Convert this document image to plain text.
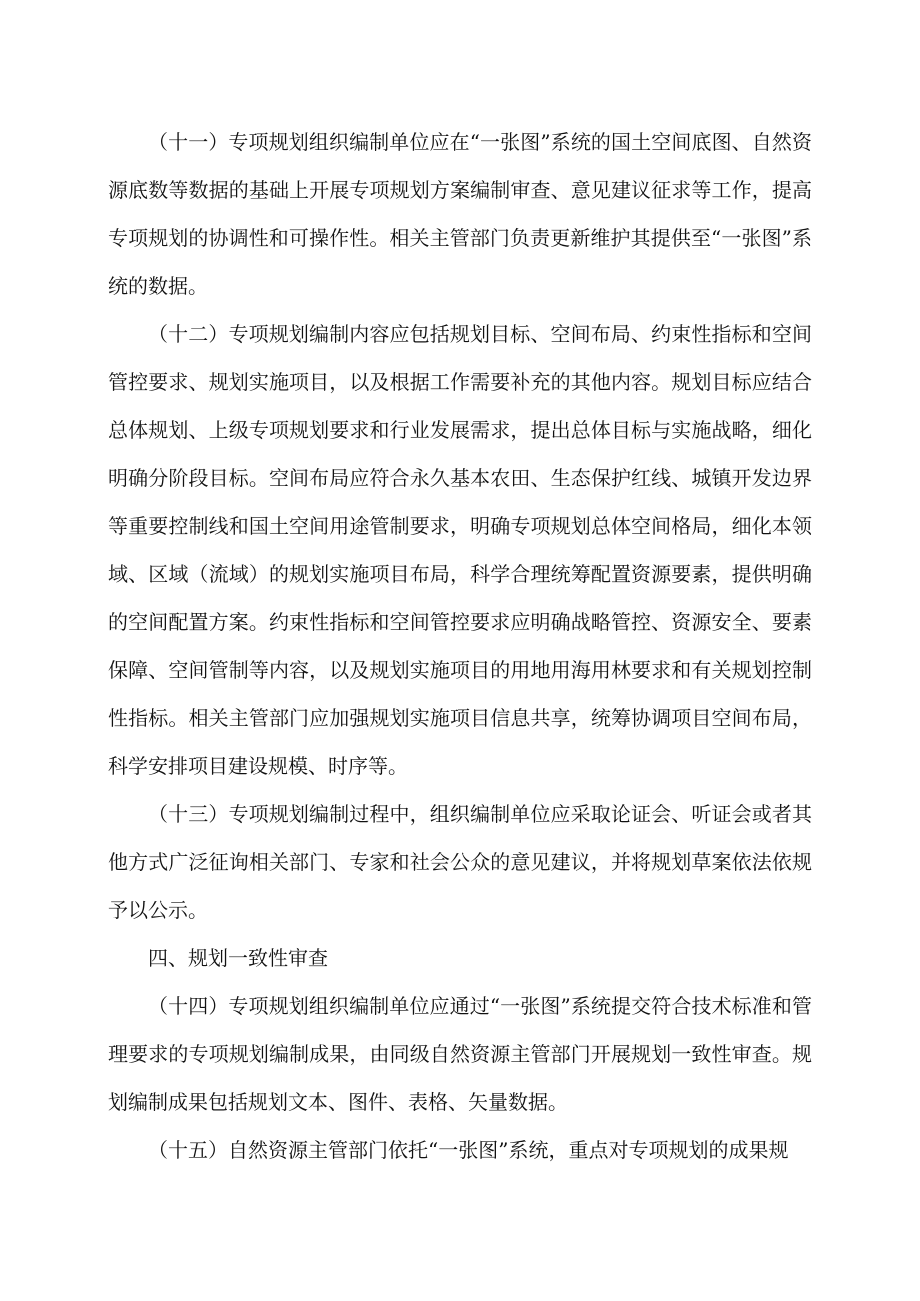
（十一）专项规划组织编制单位应在“一张图”系统的国土空间底图、自然资源底数等数据的基础上开展专项规划方案编制审查、意见建议征求等工作，提高专项规划的协调性和可操作性。相关主管部门负责更新维护其提供至“一张图”系统的数据。

（十二）专项规划编制内容应包括规划目标、空间布局、约束性指标和空间管控要求、规划实施项目，以及根据工作需要补充的其他内容。规划目标应结合总体规划、上级专项规划要求和行业发展需求，提出总体目标与实施战略，细化明确分阶段目标。空间布局应符合永久基本农田、生态保护红线、城镇开发边界等重要控制线和国土空间用途管制要求，明确专项规划总体空间格局，细化本领域、区域（流域）的规划实施项目布局，科学合理统筹配置资源要素，提供明确的空间配置方案。约束性指标和空间管控要求应明确战略管控、资源安全、要素保障、空间管制等内容，以及规划实施项目的用地用海用林要求和有关规划控制性指标。相关主管部门应加强规划实施项目信息共享，统筹协调项目空间布局，科学安排项目建设规模、时序等。

（十三）专项规划编制过程中，组织编制单位应采取论证会、听证会或者其他方式广泛征询相关部门、专家和社会公众的意见建议，并将规划草案依法依规予以公示。

四、规划一致性审查

（十四）专项规划组织编制单位应通过“一张图”系统提交符合技术标准和管理要求的专项规划编制成果，由同级自然资源主管部门开展规划一致性审查。规划编制成果包括规划文本、图件、表格、矢量数据。

（十五）自然资源主管部门依托“一张图”系统，重点对专项规划的成果规
